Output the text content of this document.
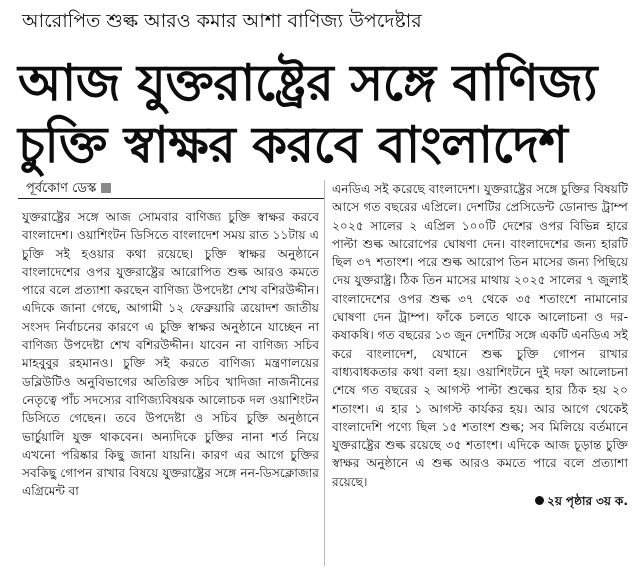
আরোপিত শুল্ক আরও কমার আশা বাণিজ্য উপদেষ্টার
আজ যুক্তরাষ্ট্রের সঙ্গে বাণিজ্য
চুক্তি স্বাক্ষর করবে বাংলাদেশ
পূর্বকোণ ডেস্ক

যুক্তরাষ্ট্রের সঙ্গে আজ সোমবার বাণিজ্য চুক্তি স্বাক্ষর করবে বাংলাদেশ। ওয়াশিংটন ডিসিতে বাংলাদেশ সময় রাত ১১টায় এ চুক্তি সই হওয়ার কথা রয়েছে। চুক্তি স্বাক্ষর অনুষ্ঠানে বাংলাদেশের ওপর যুক্তরাষ্ট্রের আরোপিত শুল্ক আরও কমতে পারে বলে প্রত্যাশা করছেন বাণিজ্য উপদেষ্টা শেখ বশিরউদ্দীন। এদিকে জানা গেছে, আগামী ১২ ফেব্রুয়ারি ত্রয়োদশ জাতীয় সংসদ নির্বাচনের কারণে এ চুক্তি স্বাক্ষর অনুষ্ঠানে যাচ্ছেন না বাণিজ্য উপদেষ্টা শেখ বশিরউদ্দীন। যাবেন না বাণিজ্য সচিব মাহবুবুর রহমানও। চুক্তি সই করতে বাণিজ্য মন্ত্রণালয়ের ডব্লিউটিও অনুবিভাগের অতিরিক্ত সচিব খাদিজা নাজনীনের নেতৃত্বে পাঁচ সদস্যের বাণিজ্যবিষয়ক আলোচক দল ওয়াশিংটন ডিসিতে গেছেন। তবে উপদেষ্টা ও সচিব চুক্তি অনুষ্ঠানে ভার্চুয়ালি যুক্ত থাকবেন। অন্যদিকে চুক্তির নানা শর্ত নিয়ে এখনো পরিষ্কার কিছু জানা যায়নি। কারণ এর আগে চুক্তির সবকিছু গোপন রাখার বিষয়ে যুক্তরাষ্ট্রের সঙ্গে নন-ডিসক্লোজার এগ্রিমেন্ট বা

এনডিএ সই করেছে বাংলাদেশ। যুক্তরাষ্ট্রের সঙ্গে চুক্তির বিষয়টি আসে গত বছরের এপ্রিলে। দেশটির প্রেসিডেন্ট ডোনাল্ড ট্রাম্প ২০২৫ সালের ২ এপ্রিল ১০০টি দেশের ওপর বিভিন্ন হারে পাল্টা শুল্ক আরোপের ঘোষণা দেন। বাংলাদেশের জন্য হারটি ছিল ৩৭ শতাংশ। পরে শুল্ক আরোপ তিন মাসের জন্য পিছিয়ে দেয় যুক্তরাষ্ট্র। ঠিক তিন মাসের মাথায় ২০২৫ সালের ৭ জুলাই বাংলাদেশের ওপর শুল্ক ৩৭ থেকে ৩৫ শতাংশে নামানোর ঘোষণা দেন ট্রাম্প। ফাঁকে চলতে থাকে আলোচনা ও দর-কষাকষি। গত বছরের ১৩ জুন দেশটির সঙ্গে একটি এনডিএ সই করে বাংলাদেশ, যেখানে শুল্ক চুক্তি গোপন রাখার বাধ্যবাধকতার কথা বলা হয়। ওয়াশিংটনে দুই দফা আলোচনা শেষে গত বছরের ২ আগস্ট পাল্টা শুল্কের হার ঠিক হয় ২০ শতাংশ। এ হার ১ আগস্ট কার্যকর হয়। আর আগে থেকেই বাংলাদেশি পণ্যে ছিল ১৫ শতাংশ শুল্ক; সব মিলিয়ে বর্তমানে যুক্তরাষ্ট্রের শুল্ক রয়েছে ৩৫ শতাংশ। এদিকে আজ চূড়ান্ত চুক্তি স্বাক্ষর অনুষ্ঠানে এ শুল্ক আরও কমতে পারে বলে প্রত্যাশা রয়েছে।

২য় পৃষ্ঠার ৩য় ক.
